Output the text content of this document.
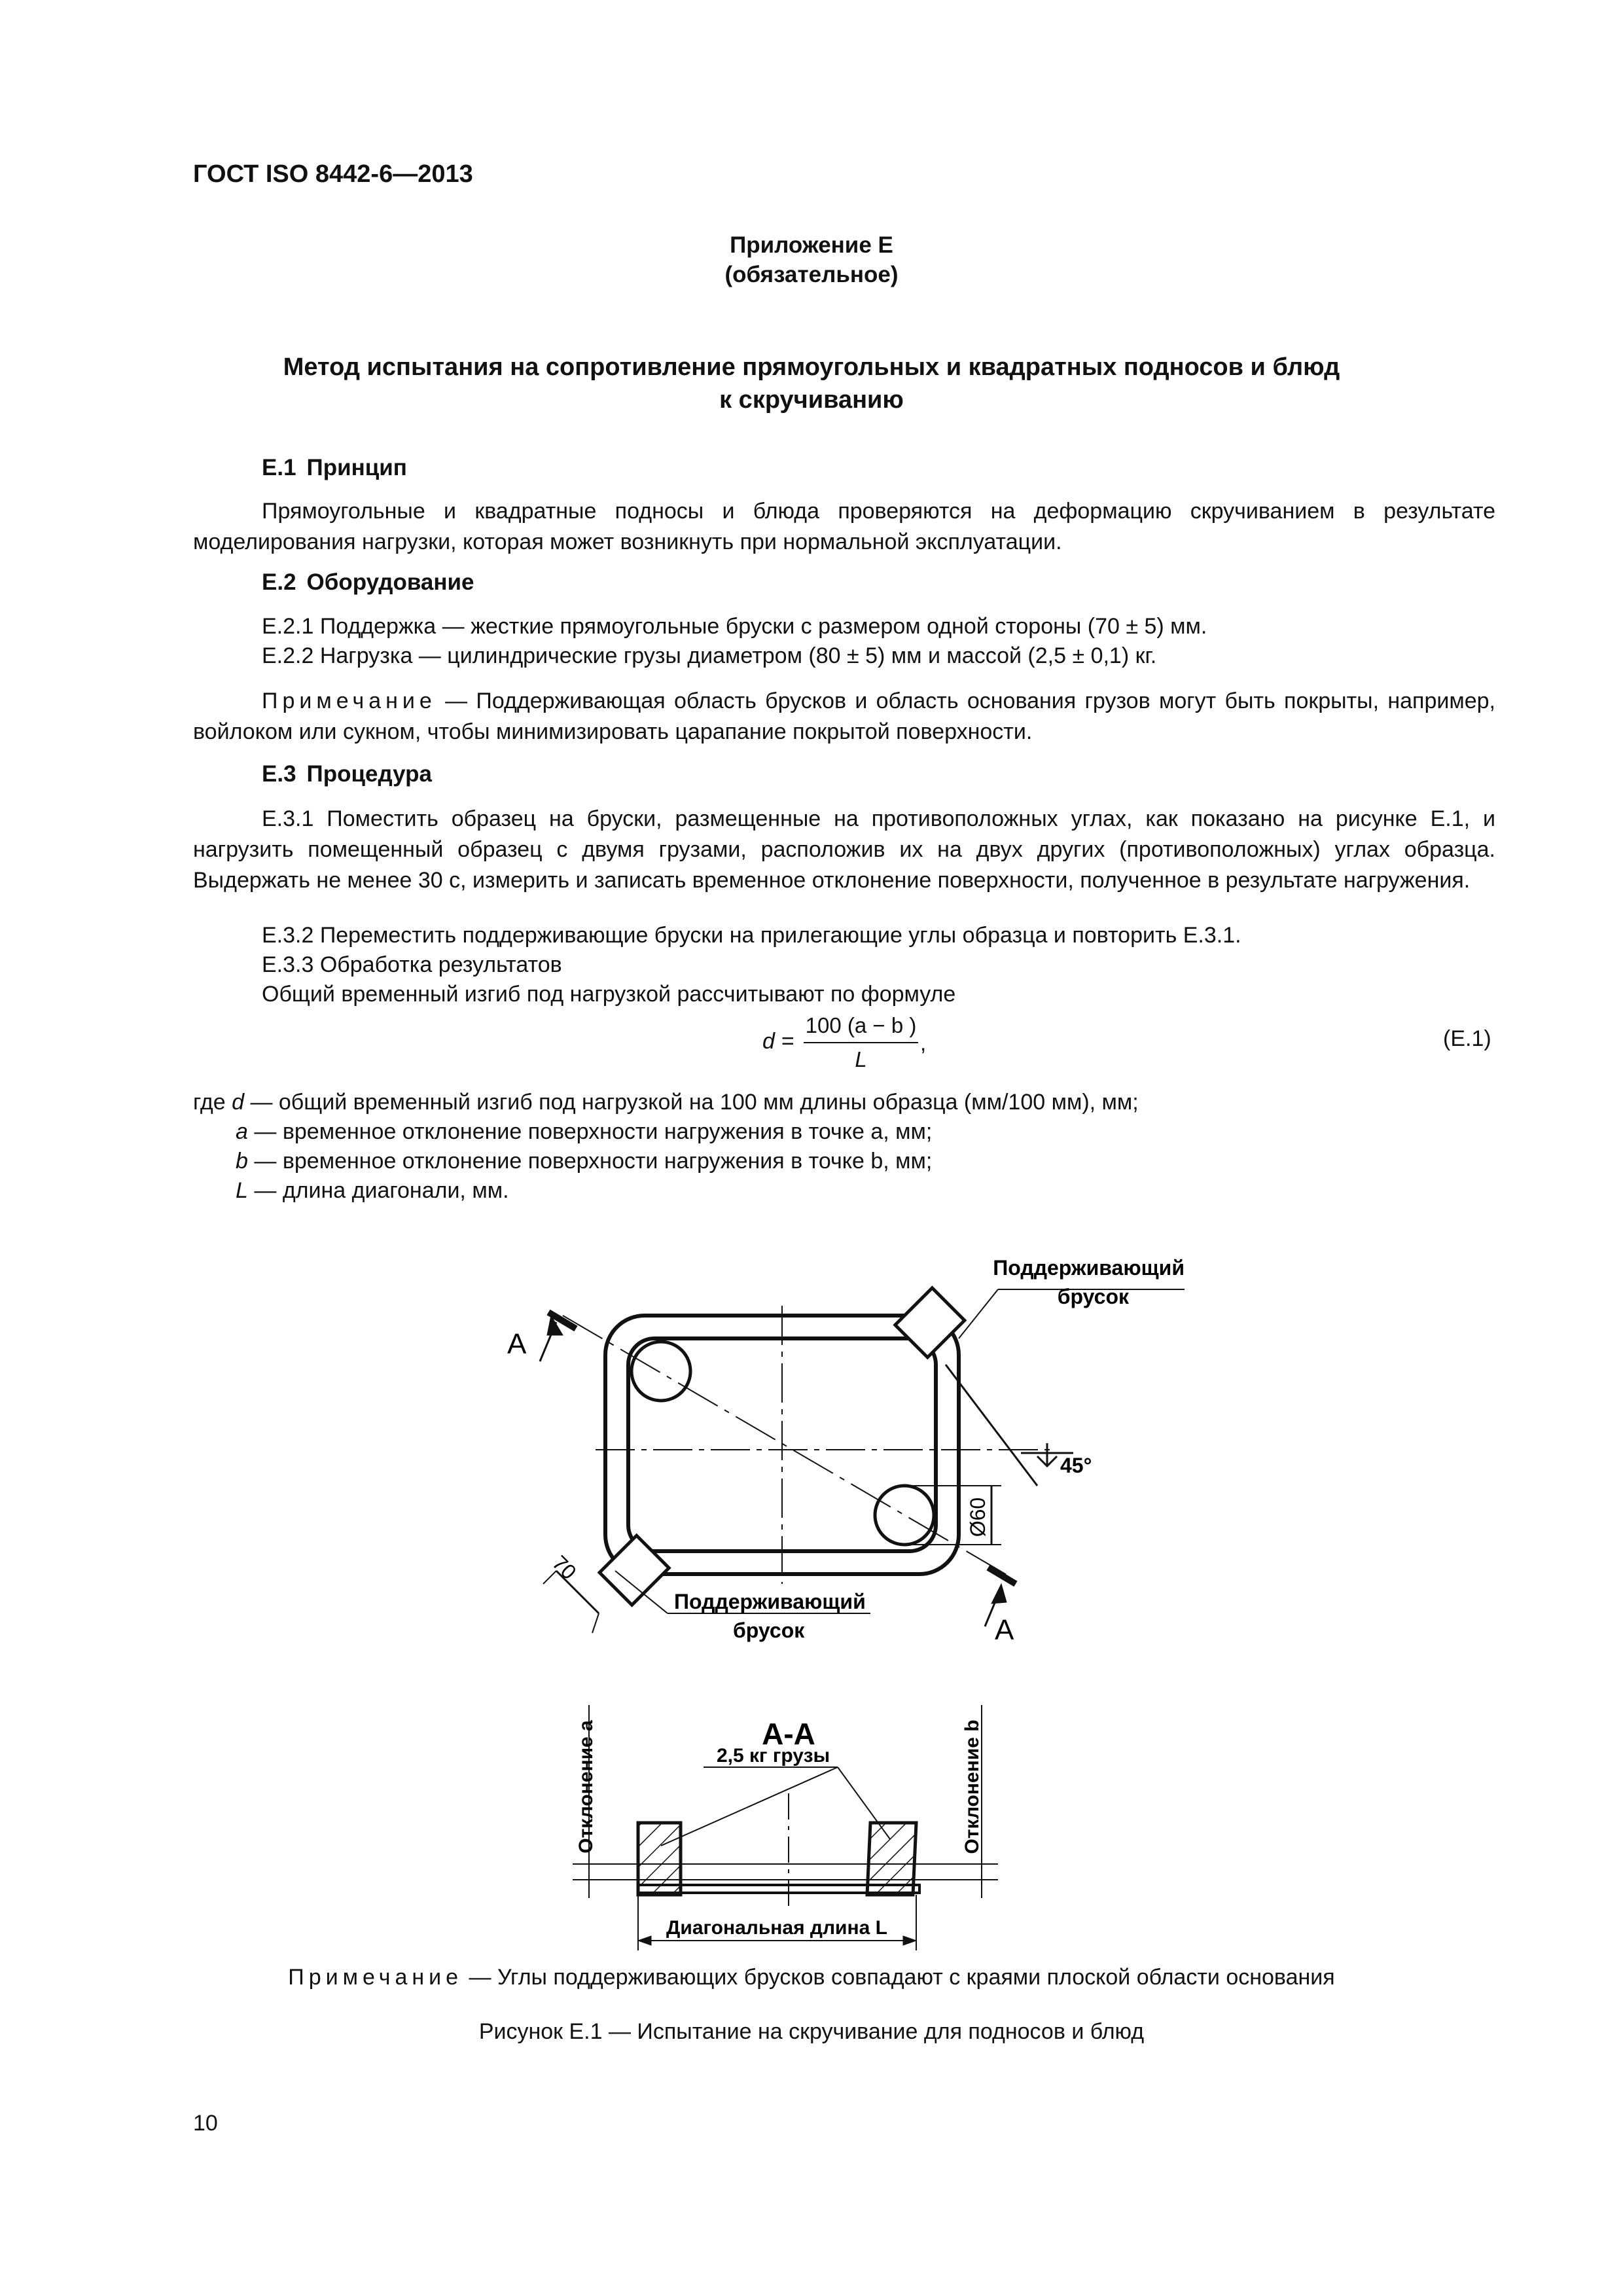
ГОСТ ISO 8442-6—2013
Приложение Е
(обязательное)
Метод испытания на сопротивление прямоугольных и квадратных подносов и блюд
к скручиванию
Е.1 Принцип
Прямоугольные и квадратные подносы и блюда проверяются на деформацию скручиванием в результате моделирования нагрузки, которая может возникнуть при нормальной эксплуатации.
Е.2 Оборудование
Е.2.1 Поддержка — жесткие прямоугольные бруски с размером одной стороны (70 ± 5) мм.
Е.2.2 Нагрузка — цилиндрические грузы диаметром (80 ± 5) мм и массой (2,5 ± 0,1) кг.
Примечание — Поддерживающая область брусков и область основания грузов могут быть покрыты, например, войлоком или сукном, чтобы минимизировать царапание покрытой поверхности.
Е.3 Процедура
Е.3.1 Поместить образец на бруски, размещенные на противоположных углах, как показано на рисунке Е.1, и нагрузить помещенный образец с двумя грузами, расположив их на двух других (противоположных) углах образца. Выдержать не менее 30 с, измерить и записать временное отклонение поверхности, полученное в результате нагружения.
Е.3.2 Переместить поддерживающие бруски на прилегающие углы образца и повторить Е.3.1.
Е.3.3 Обработка результатов
Общий временный изгиб под нагрузкой рассчитывают по формуле
d =
100 (a − b )
L
,	(Е.1)
где d — общий временный изгиб под нагрузкой на 100 мм длины образца (мм/100 мм), мм;
a — временное отклонение поверхности нагружения в точке а, мм;
b — временное отклонение поверхности нагружения в точке b, мм;
L — длина диагонали, мм.
Поддерживающий
брусок
Поддерживающий
брусок
А
А
45°
Ø60
70
А-А
2,5 кг грузы
Отклонение a	Отклонение b
Диагональная длина L
Примечание — Углы поддерживающих брусков совпадают с краями плоской области основания
Рисунок Е.1 — Испытание на скручивание для подносов и блюд
10
